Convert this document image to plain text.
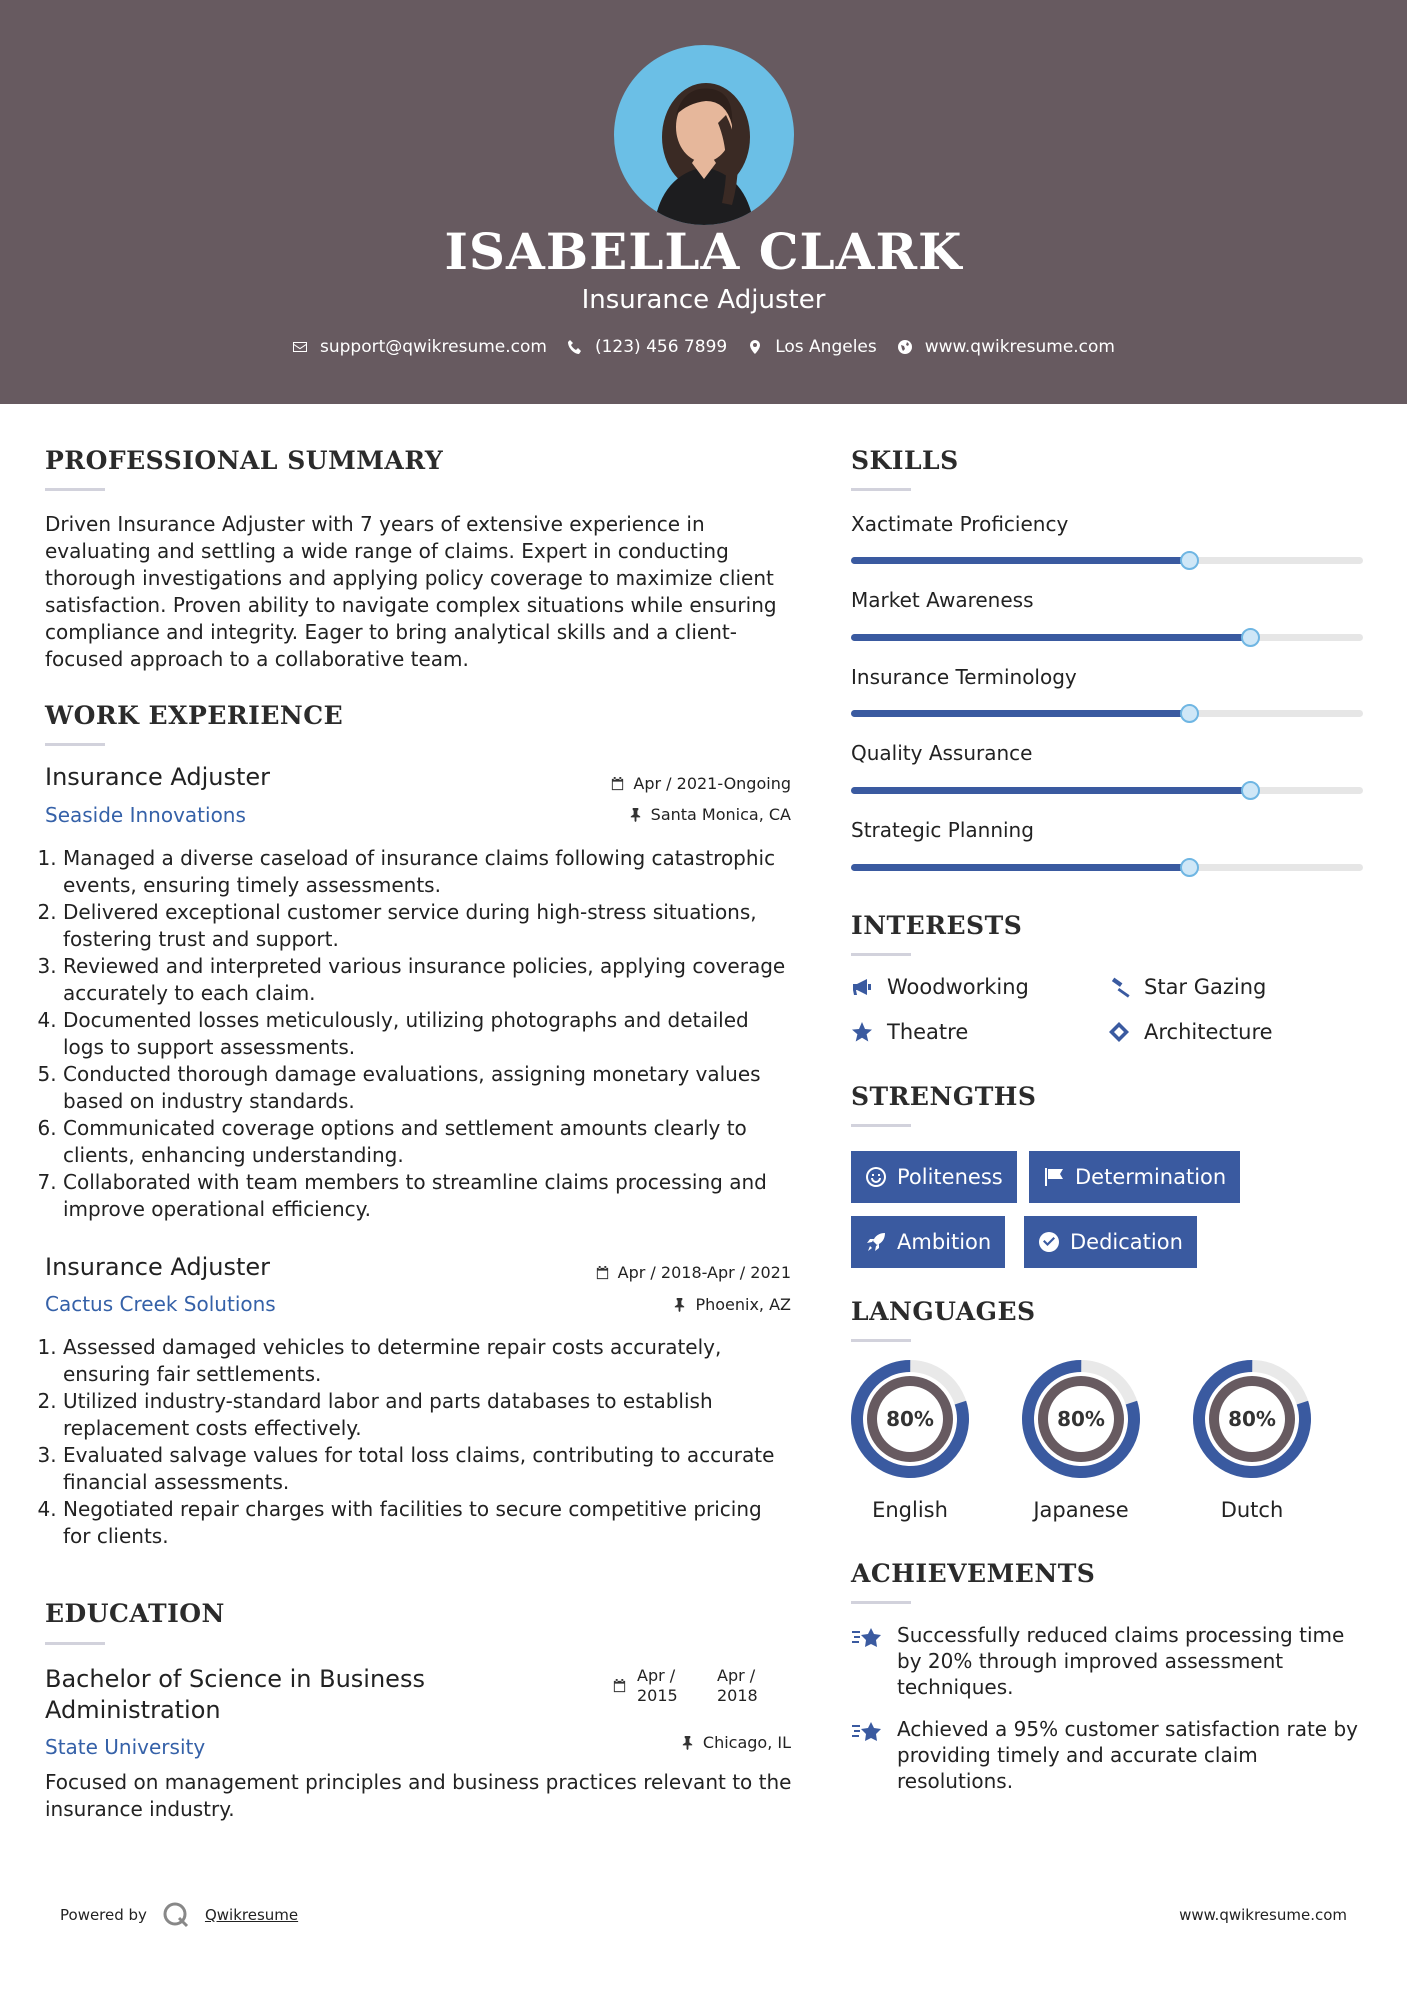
ISABELLA CLARK
Insurance Adjuster
support@qwikresume.com	(123) 456 7899	Los Angeles	www.qwikresume.com
PROFESSIONAL SUMMARY
Driven Insurance Adjuster with 7 years of extensive experience in evaluating and settling a wide range of claims. Expert in conducting thorough investigations and applying policy coverage to maximize client satisfaction. Proven ability to navigate complex situations while ensuring compliance and integrity. Eager to bring analytical skills and a client-focused approach to a collaborative team.
WORK EXPERIENCE
Insurance Adjuster
Seaside Innovations
Apr / 2021-Ongoing
Santa Monica, CA
1. Managed a diverse caseload of insurance claims following catastrophic events, ensuring timely assessments.
2. Delivered exceptional customer service during high-stress situations, fostering trust and support.
3. Reviewed and interpreted various insurance policies, applying coverage accurately to each claim.
4. Documented losses meticulously, utilizing photographs and detailed logs to support assessments.
5. Conducted thorough damage evaluations, assigning monetary values based on industry standards.
6. Communicated coverage options and settlement amounts clearly to clients, enhancing understanding.
7. Collaborated with team members to streamline claims processing and improve operational efficiency.
Insurance Adjuster
Cactus Creek Solutions
Apr / 2018-Apr / 2021
Phoenix, AZ
1. Assessed damaged vehicles to determine repair costs accurately, ensuring fair settlements.
2. Utilized industry-standard labor and parts databases to establish replacement costs effectively.
3. Evaluated salvage values for total loss claims, contributing to accurate financial assessments.
4. Negotiated repair charges with facilities to secure competitive pricing for clients.
EDUCATION
Bachelor of Science in Business Administration
State University
Apr / 2015
Apr / 2018
Chicago, IL
Focused on management principles and business practices relevant to the insurance industry.
SKILLS
Xactimate Proficiency
Market Awareness
Insurance Terminology
Quality Assurance
Strategic Planning
INTERESTS
Woodworking	Star Gazing
Theatre	Architecture
STRENGTHS
Politeness	Determination
Ambition	Dedication
LANGUAGES
80%
English
80%
Japanese
80%
Dutch
ACHIEVEMENTS
Successfully reduced claims processing time by 20% through improved assessment techniques.
Achieved a 95% customer satisfaction rate by providing timely and accurate claim resolutions.
Powered by	Qwikresume	www.qwikresume.com
